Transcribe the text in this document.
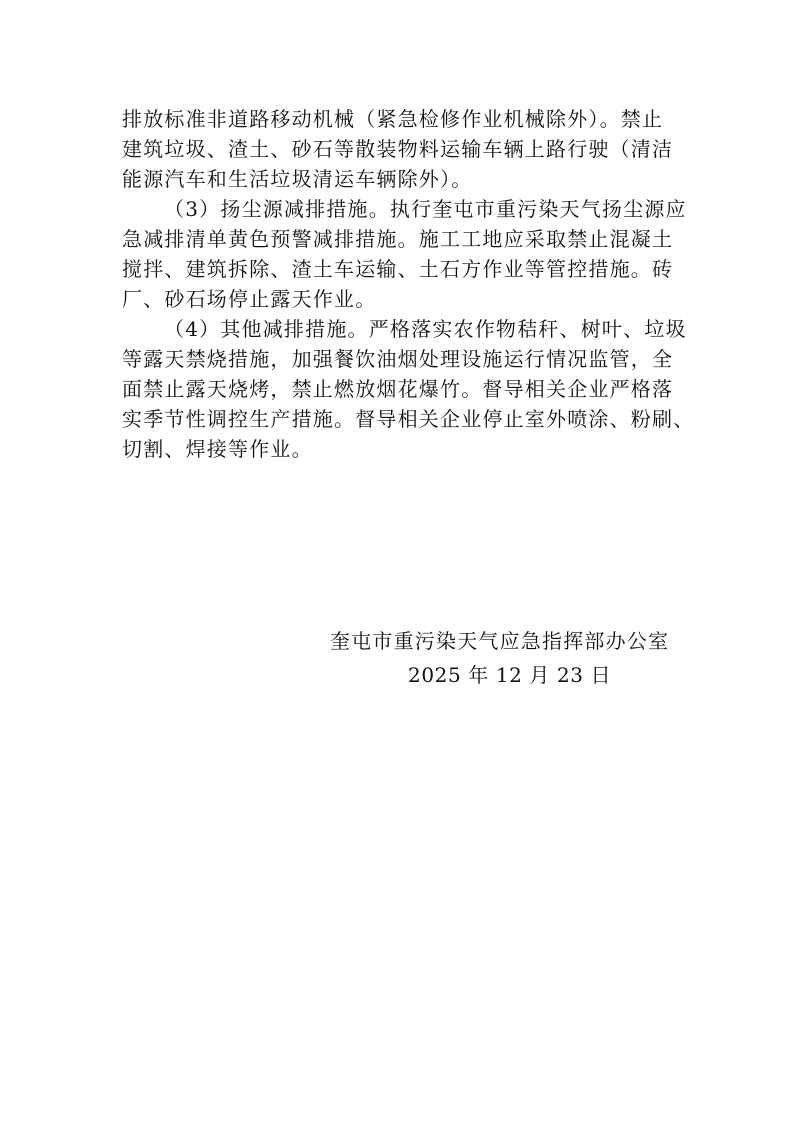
排放标准非道路移动机械（紧急检修作业机械除外）。禁止
建筑垃圾、渣土、砂石等散装物料运输车辆上路行驶（清洁
能源汽车和生活垃圾清运车辆除外）。
（3）扬尘源减排措施。执行奎屯市重污染天气扬尘源应
急减排清单黄色预警减排措施。施工工地应采取禁止混凝土
搅拌、建筑拆除、渣土车运输、土石方作业等管控措施。砖
厂、砂石场停止露天作业。
（4）其他减排措施。严格落实农作物秸秆、树叶、垃圾
等露天禁烧措施，加强餐饮油烟处理设施运行情况监管，全
面禁止露天烧烤，禁止燃放烟花爆竹。督导相关企业严格落
实季节性调控生产措施。督导相关企业停止室外喷涂、粉刷、
切割、焊接等作业。
奎屯市重污染天气应急指挥部办公室
2025 年 12 月 23 日
